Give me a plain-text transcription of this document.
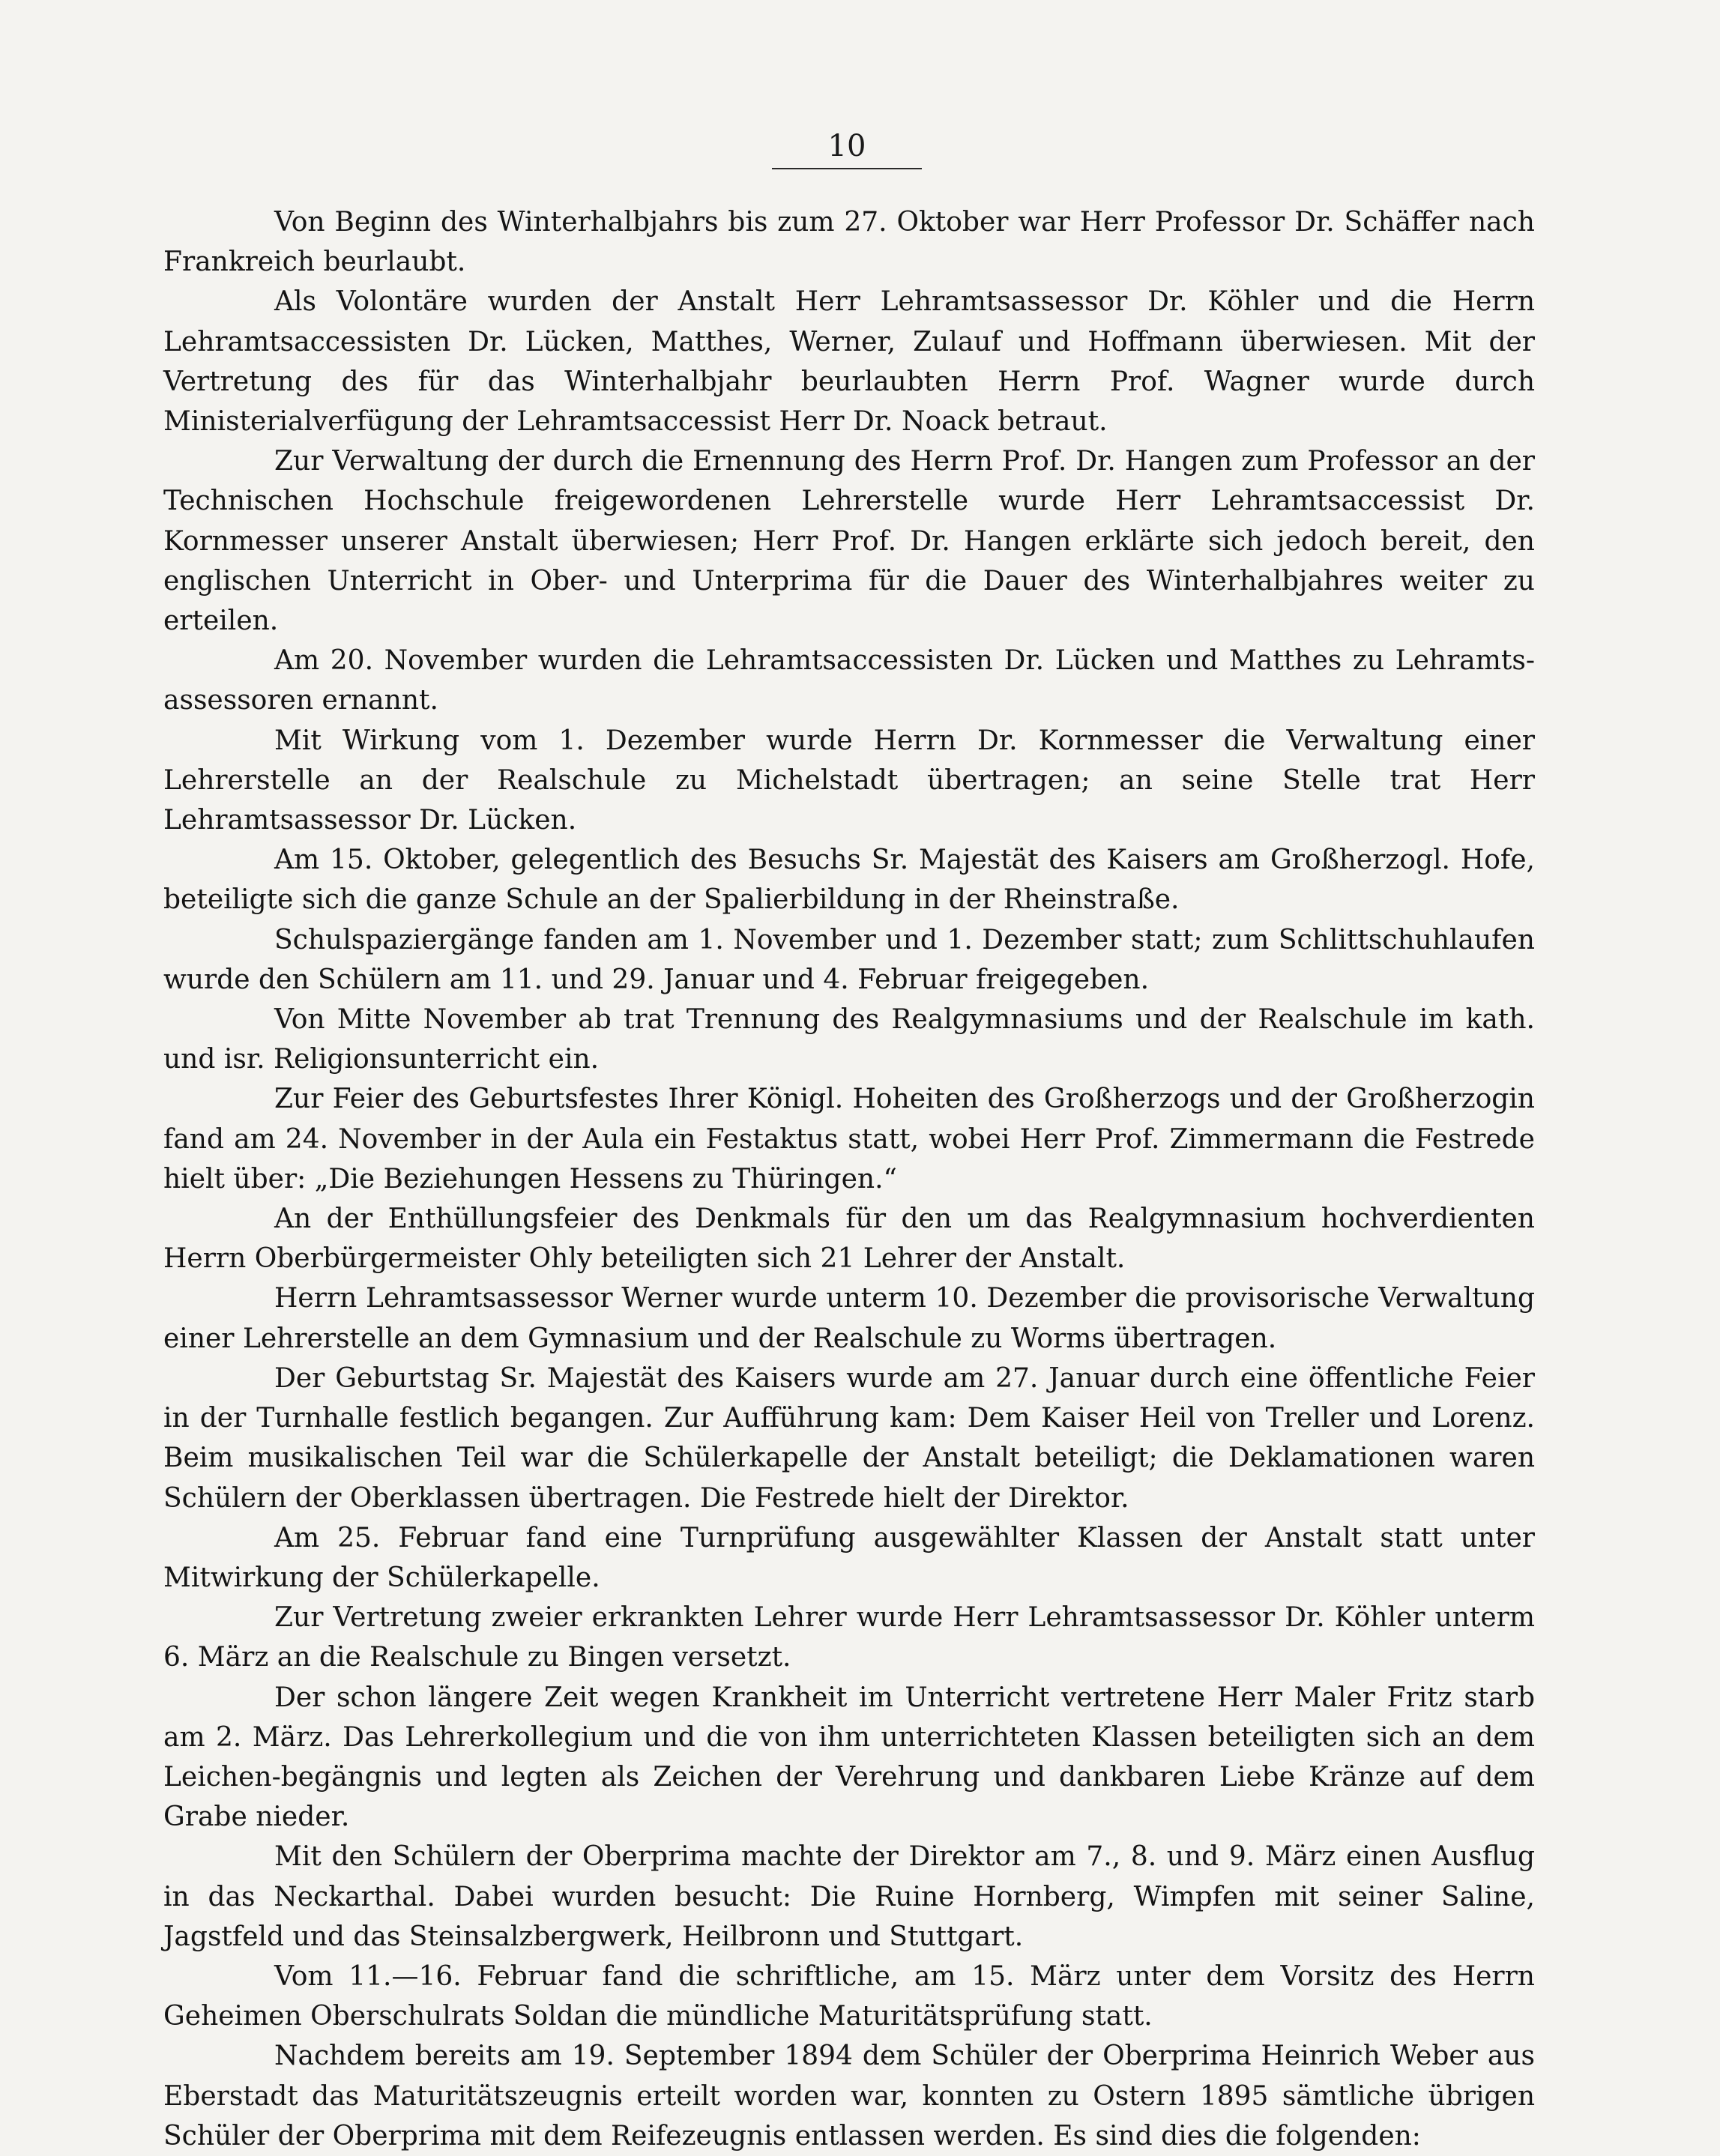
10

Von Beginn des Winterhalbjahrs bis zum 27. Oktober war Herr Professor Dr. Schäffer nach Frankreich beurlaubt.

Als Volontäre wurden der Anstalt Herr Lehramtsassessor Dr. Köhler und die Herrn Lehramtsaccessisten Dr. Lücken, Matthes, Werner, Zulauf und Hoffmann überwiesen. Mit der Vertretung des für das Winterhalbjahr beurlaubten Herrn Prof. Wagner wurde durch Ministerialverfügung der Lehramtsaccessist Herr Dr. Noack betraut.

Zur Verwaltung der durch die Ernennung des Herrn Prof. Dr. Hangen zum Professor an der Technischen Hochschule freigewordenen Lehrerstelle wurde Herr Lehramtsaccessist Dr. Kornmesser unserer Anstalt überwiesen; Herr Prof. Dr. Hangen erklärte sich jedoch bereit, den englischen Unterricht in Ober- und Unterprima für die Dauer des Winterhalbjahres weiter zu erteilen.

Am 20. November wurden die Lehramtsaccessisten Dr. Lücken und Matthes zu Lehramts-assessoren ernannt.

Mit Wirkung vom 1. Dezember wurde Herrn Dr. Kornmesser die Verwaltung einer Lehrerstelle an der Realschule zu Michelstadt übertragen; an seine Stelle trat Herr Lehramtsassessor Dr. Lücken.

Am 15. Oktober, gelegentlich des Besuchs Sr. Majestät des Kaisers am Großherzogl. Hofe, beteiligte sich die ganze Schule an der Spalierbildung in der Rheinstraße.

Schulspaziergänge fanden am 1. November und 1. Dezember statt; zum Schlittschuhlaufen wurde den Schülern am 11. und 29. Januar und 4. Februar freigegeben.

Von Mitte November ab trat Trennung des Realgymnasiums und der Realschule im kath. und isr. Religionsunterricht ein.

Zur Feier des Geburtsfestes Ihrer Königl. Hoheiten des Großherzogs und der Großherzogin fand am 24. November in der Aula ein Festaktus statt, wobei Herr Prof. Zimmermann die Festrede hielt über: „Die Beziehungen Hessens zu Thüringen.“

An der Enthüllungsfeier des Denkmals für den um das Realgymnasium hochverdienten Herrn Oberbürgermeister Ohly beteiligten sich 21 Lehrer der Anstalt.

Herrn Lehramtsassessor Werner wurde unterm 10. Dezember die provisorische Verwaltung einer Lehrerstelle an dem Gymnasium und der Realschule zu Worms übertragen.

Der Geburtstag Sr. Majestät des Kaisers wurde am 27. Januar durch eine öffentliche Feier in der Turnhalle festlich begangen. Zur Aufführung kam: Dem Kaiser Heil von Treller und Lorenz. Beim musikalischen Teil war die Schülerkapelle der Anstalt beteiligt; die Deklamationen waren Schülern der Oberklassen übertragen. Die Festrede hielt der Direktor.

Am 25. Februar fand eine Turnprüfung ausgewählter Klassen der Anstalt statt unter Mitwirkung der Schülerkapelle.

Zur Vertretung zweier erkrankten Lehrer wurde Herr Lehramtsassessor Dr. Köhler unterm 6. März an die Realschule zu Bingen versetzt.

Der schon längere Zeit wegen Krankheit im Unterricht vertretene Herr Maler Fritz starb am 2. März. Das Lehrerkollegium und die von ihm unterrichteten Klassen beteiligten sich an dem Leichen-begängnis und legten als Zeichen der Verehrung und dankbaren Liebe Kränze auf dem Grabe nieder.

Mit den Schülern der Oberprima machte der Direktor am 7., 8. und 9. März einen Ausflug in das Neckarthal. Dabei wurden besucht: Die Ruine Hornberg, Wimpfen mit seiner Saline, Jagstfeld und das Steinsalzbergwerk, Heilbronn und Stuttgart.

Vom 11.—16. Februar fand die schriftliche, am 15. März unter dem Vorsitz des Herrn Geheimen Oberschulrats Soldan die mündliche Maturitätsprüfung statt.

Nachdem bereits am 19. September 1894 dem Schüler der Oberprima Heinrich Weber aus Eberstadt das Maturitätszeugnis erteilt worden war, konnten zu Ostern 1895 sämtliche übrigen Schüler der Oberprima mit dem Reifezeugnis entlassen werden. Es sind dies die folgenden:
